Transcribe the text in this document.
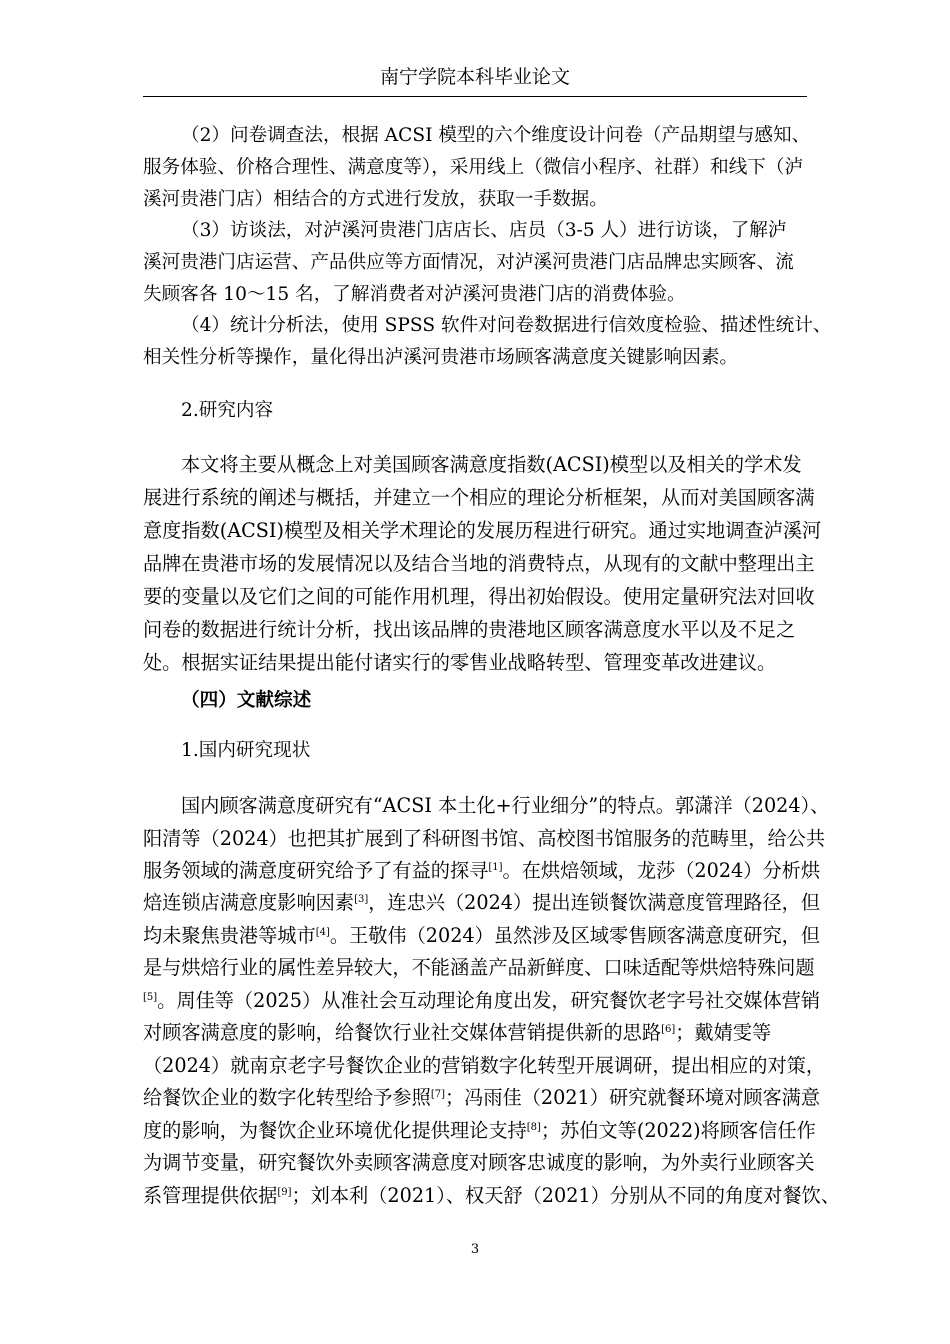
南宁学院本科毕业论文
（2）问卷调查法，根据 ACSI 模型的六个维度设计问卷（产品期望与感知、
服务体验、价格合理性、满意度等），采用线上（微信小程序、社群）和线下（泸
溪河贵港门店）相结合的方式进行发放，获取一手数据。
（3）访谈法，对泸溪河贵港门店店长、店员（3-5 人）进行访谈，了解泸
溪河贵港门店运营、产品供应等方面情况，对泸溪河贵港门店品牌忠实顾客、流
失顾客各 10～15 名，了解消费者对泸溪河贵港门店的消费体验。
（4）统计分析法，使用 SPSS 软件对问卷数据进行信效度检验、描述性统计、
相关性分析等操作，量化得出泸溪河贵港市场顾客满意度关键影响因素。
2.研究内容
本文将主要从概念上对美国顾客满意度指数(ACSI)模型以及相关的学术发
展进行系统的阐述与概括，并建立一个相应的理论分析框架，从而对美国顾客满
意度指数(ACSI)模型及相关学术理论的发展历程进行研究。通过实地调查泸溪河
品牌在贵港市场的发展情况以及结合当地的消费特点，从现有的文献中整理出主
要的变量以及它们之间的可能作用机理，得出初始假设。使用定量研究法对回收
问卷的数据进行统计分析，找出该品牌的贵港地区顾客满意度水平以及不足之
处。根据实证结果提出能付诸实行的零售业战略转型、管理变革改进建议。
（四）文献综述
1.国内研究现状
国内顾客满意度研究有“ACSI 本土化+行业细分”的特点。郭潇洋（2024）、
阳清等（2024）也把其扩展到了科研图书馆、高校图书馆服务的范畴里，给公共
服务领域的满意度研究给予了有益的探寻[1]。在烘焙领域，龙莎（2024）分析烘
焙连锁店满意度影响因素[3]，连忠兴（2024）提出连锁餐饮满意度管理路径，但
均未聚焦贵港等城市[4]。王敬伟（2024）虽然涉及区域零售顾客满意度研究，但
是与烘焙行业的属性差异较大，不能涵盖产品新鲜度、口味适配等烘焙特殊问题
[5]。周佳等（2025）从准社会互动理论角度出发，研究餐饮老字号社交媒体营销
对顾客满意度的影响，给餐饮行业社交媒体营销提供新的思路[6]；戴婧雯等
（2024）就南京老字号餐饮企业的营销数字化转型开展调研，提出相应的对策，
给餐饮企业的数字化转型给予参照[7]；冯雨佳（2021）研究就餐环境对顾客满意
度的影响，为餐饮企业环境优化提供理论支持[8]；苏伯文等(2022)将顾客信任作
为调节变量，研究餐饮外卖顾客满意度对顾客忠诚度的影响，为外卖行业顾客关
系管理提供依据[9]；刘本利（2021）、权天舒（2021）分别从不同的角度对餐饮、
3
